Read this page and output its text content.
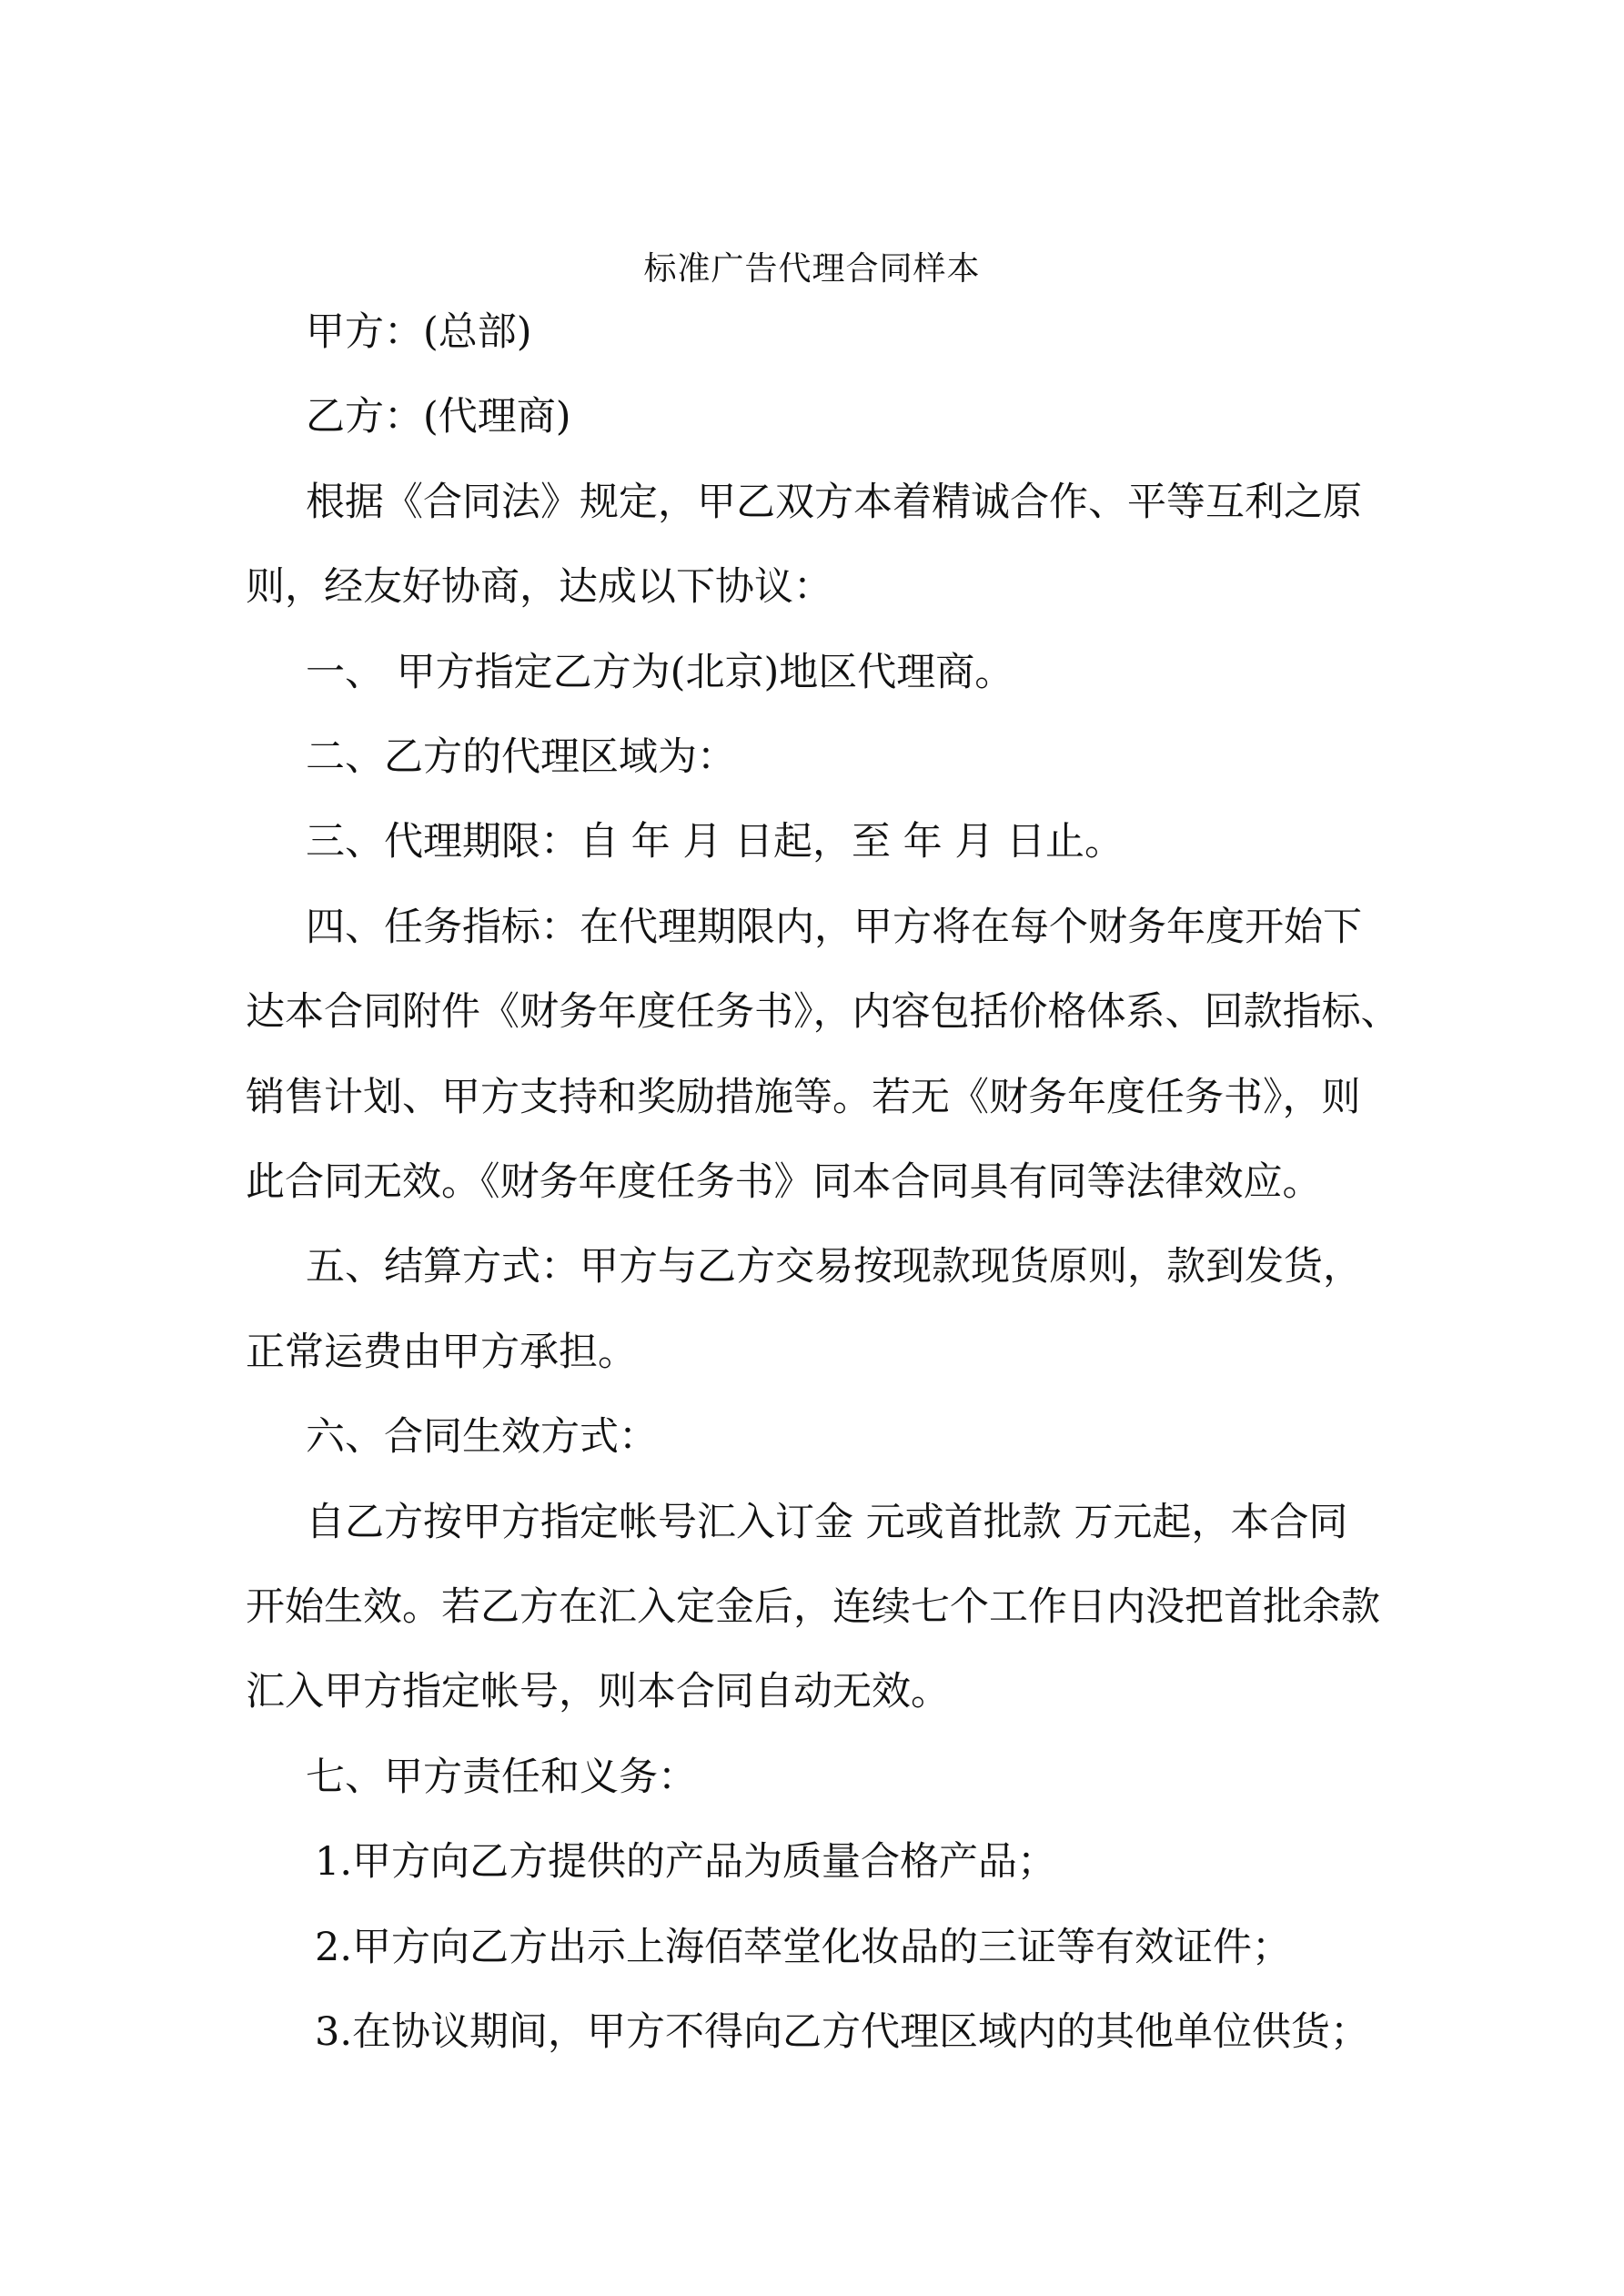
标准广告代理合同样本
甲方：(总部)
乙方：(代理商)
根据《合同法》规定，甲乙双方本着精诚合作、平等互利之原
则，经友好协商，达成以下协议：
一、 甲方指定乙方为(北京)地区代理商。
二、乙方的代理区域为：
三、代理期限：自 年 月 日起，至 年 月 日止。
四、任务指标：在代理期限内，甲方将在每个财务年度开始下
达本合同附件《财务年度任务书》，内容包括价格体系、回款指标、
销售计划、甲方支持和奖励措施等。若无《财务年度任务书》，则
此合同无效。《财务年度任务书》同本合同具有同等法律效应。
五、结算方式：甲方与乙方交易按现款现货原则，款到发货，
正常运费由甲方承担。
六、合同生效方式：
自乙方按甲方指定帐号汇入订金 元或首批款 万元起，本合同
开始生效。若乙方在汇入定金后，连续七个工作日内没把首批余款
汇入甲方指定帐号，则本合同自动无效。
七、甲方责任和义务：
1.甲方向乙方提供的产品为质量合格产品；
2.甲方向乙方出示上海佰萃堂化妆品的三证等有效证件；
3.在协议期间，甲方不得向乙方代理区域内的其他单位供货；
